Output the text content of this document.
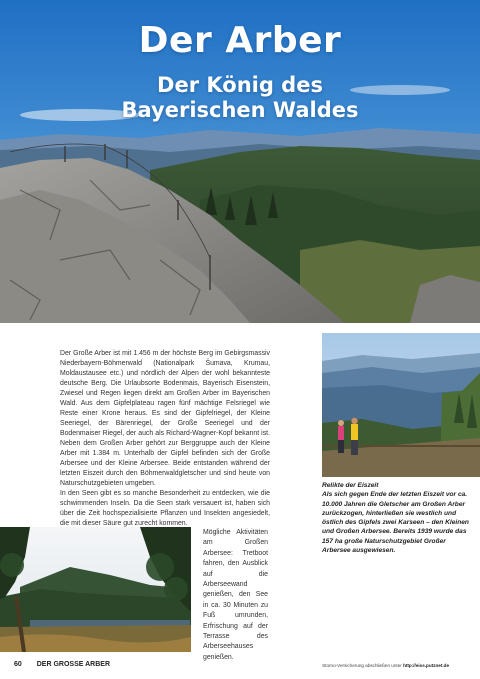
Der Arber
Der König des
Bayerischen Waldes

Der Große Arber ist mit 1.456 m der höchste Berg im Gebirgsmassiv Niederbayern-Böhmerwald (Nationalpark Šumava, Krumau, Moldaustausee etc.) und nördlich der Alpen der wohl bekannteste deutsche Berg. Die Urlaubsorte Bodenmais, Bayerisch Eisenstein, Zwiesel und Regen liegen direkt am Großen Arber im Bayerischen Wald. Aus dem Gipfelplateau ragen fünf mächtige Felsriegel wie Reste einer Krone heraus. Es sind der Gipfelriegel, der Kleine Seeriegel, der Bärenriegel, der Große Seeriegel und der Bodenmaiser Riegel, der auch als Richard-Wagner-Kopf bekannt ist. Neben dem Großen Arber gehört zur Berggruppe auch der Kleine Arber mit 1.384 m. Unterhalb der Gipfel befinden sich der Große Arbersee und der Kleine Arbersee. Beide entstanden während der letzten Eiszeit durch den Böhmerwaldgletscher und sind heute von Naturschutzgebieten umgeben.

In den Seen gibt es so manche Besonderheit zu entdecken, wie die schwimmenden Inseln. Da die Seen stark versauert ist, haben sich über die Zeit hochspezialisierte Pflanzen und Insekten angesiedelt, die mit dieser Säure gut zurecht kommen.

Relikte der Eiszeit
Als sich gegen Ende der letzten Eiszeit vor ca. 10.000 Jahren die Gletscher am Großen Arber zurückzogen, hinterließen sie westlich und östlich des Gipfels zwei Karseen – den Kleinen und Großen Arbersee. Bereits 1939 wurde das 157 ha große Naturschutzgebiet Großer Arbersee ausgewiesen.
Mögliche Aktivitäten am Großen Arbersee: Tretboot fahren, den Ausblick auf die Arberseewand genießen, den See in ca. 30 Minuten zu Fuß umrunden, Erfrischung auf der Terrasse des Arberseehauses genießen.
60 DER GROSSE ARBER	Storno-Versicherung abschließen unter http://eiss.putznet.de
